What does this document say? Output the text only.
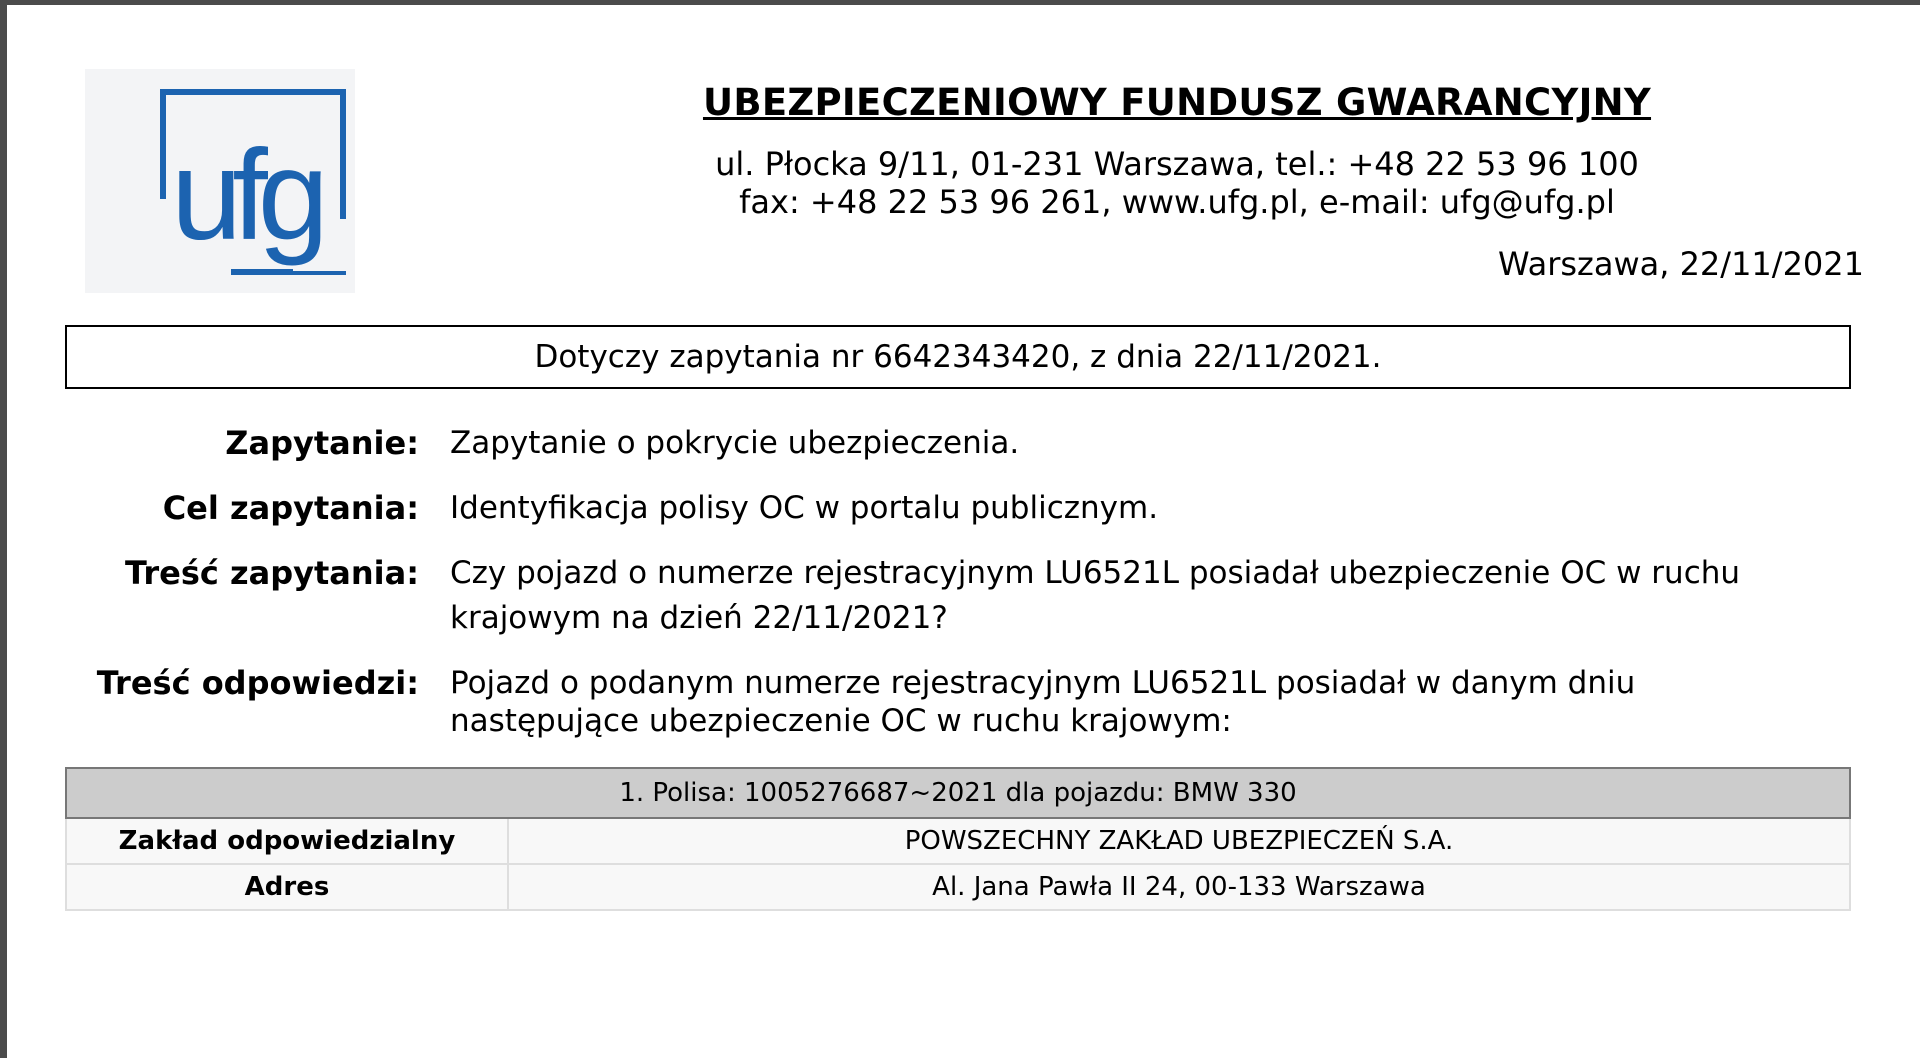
ufg
UBEZPIECZENIOWY FUNDUSZ GWARANCYJNY
ul. Płocka 9/11, 01-231 Warszawa, tel.: +48 22 53 96 100
fax: +48 22 53 96 261, www.ufg.pl, e-mail: ufg@ufg.pl
Warszawa, 22/11/2021
Dotyczy zapytania nr 6642343420, z dnia 22/11/2021.
Zapytanie: Zapytanie o pokrycie ubezpieczenia.
Cel zapytania: Identyfikacja polisy OC w portalu publicznym.
Treść zapytania: Czy pojazd o numerze rejestracyjnym LU6521L posiadał ubezpieczenie OC w ruchu krajowym na dzień 22/11/2021?
Treść odpowiedzi: Pojazd o podanym numerze rejestracyjnym LU6521L posiadał w danym dniu następujące ubezpieczenie OC w ruchu krajowym:
1. Polisa: 1005276687~2021 dla pojazdu: BMW 330	
Zakład odpowiedzialny	POWSZECHNY ZAKŁAD UBEZPIECZEŃ S.A.
Adres	Al. Jana Pawła II 24, 00-133 Warszawa
